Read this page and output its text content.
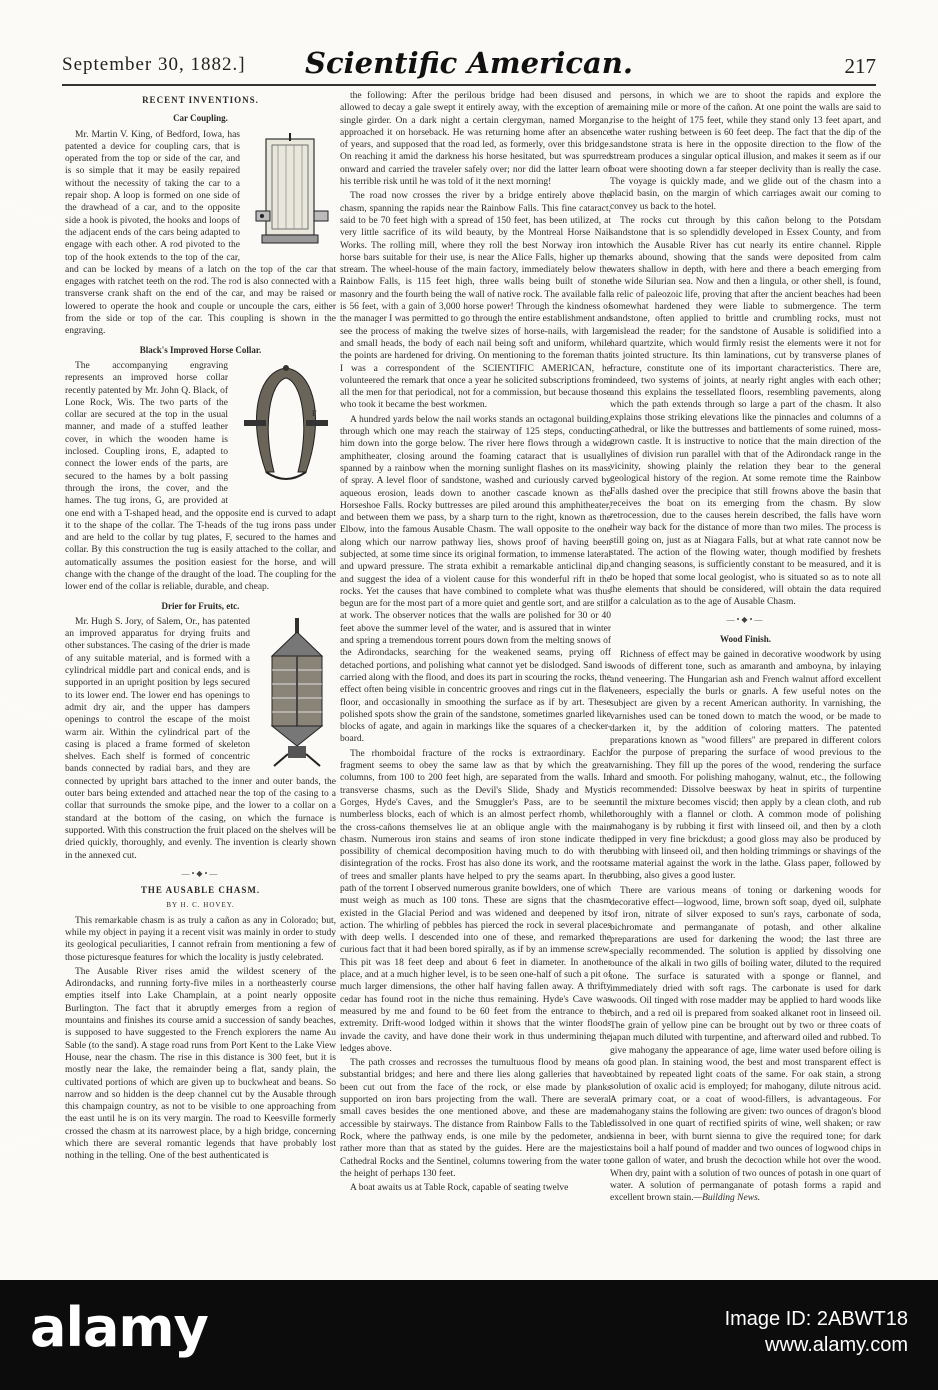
September 30, 1882.]	Scientific American.	217
RECENT INVENTIONS.
Car Coupling.

Mr. Martin V. King, of Bedford, Iowa, has patented a device for coupling cars, that is operated from the top or side of the car, and is so simple that it may be easily repaired without the necessity of taking the car to a repair shop. A loop is formed on one side of the drawhead of a car, and to the opposite side a hook is pivoted, the hooks and loops of the adjacent ends of the cars being adapted to engage with each other. A rod pivoted to the top of the hook extends to the top of the car, and can be locked by means of a latch on the top of the car that engages with ratchet teeth on the rod. The rod is also connected with a transverse crank shaft on the end of the car, and may be raised or lowered to operate the hook and couple or uncouple the cars, either from the side or top of the car. This coupling is shown in the engraving.

Black's Improved Horse Collar.
F

The accompanying engraving represents an improved horse collar recently patented by Mr. John Q. Black, of Lone Rock, Wis. The two parts of the collar are secured at the top in the usual manner, and made of a stuffed leather cover, in which the wooden hame is inclosed. Coupling irons, E, adapted to connect the lower ends of the parts, are secured to the hames by a bolt passing through the irons, the cover, and the hames. The tug irons, G, are provided at one end with a T-shaped head, and the opposite end is curved to adapt it to the shape of the collar. The T-heads of the tug irons pass under and are held to the collar by tug plates, F, secured to the hames and collar. By this construction the tug is easily attached to the collar, and automatically assumes the position easiest for the horse, and will change with the change of the draught of the load. The coupling for the lower end of the collar is reliable, durable, and cheap.

Drier for Fruits, etc.

Mr. Hugh S. Jory, of Salem, Or., has patented an improved apparatus for drying fruits and other substances. The casing of the drier is made of any suitable material, and is formed with a cylindrical middle part and conical ends, and is supported in an upright position by legs secured to its lower end. The lower end has openings to admit dry air, and the upper has dampers openings to control the escape of the moist warm air. Within the cylindrical part of the casing is placed a frame formed of skeleton shelves. Each shelf is formed of concentric bands connected by radial bars, and they are connected by upright bars attached to the inner and outer bands, the outer bars being extended and attached near the top of the casing to a collar that surrounds the smoke pipe, and the lower to a collar on a standard at the bottom of the casing, on which the furnace is supported. With this construction the fruit placed on the shelves will be dried quickly, thoroughly, and evenly. The invention is clearly shown in the annexed cut.

—•◆•—
THE AUSABLE CHASM.
BY H. C. HOVEY.

This remarkable chasm is as truly a cañon as any in Colorado; but, while my object in paying it a recent visit was mainly in order to study its geological peculiarities, I cannot refrain from mentioning a few of those picturesque features for which the locality is justly celebrated.

The Ausable River rises amid the wildest scenery of the Adirondacks, and running forty-five miles in a northeasterly course empties itself into Lake Champlain, at a point nearly opposite Burlington. The fact that it abruptly emerges from a region of mountains and finishes its course amid a succession of sandy beaches, is supposed to have suggested to the French explorers the name Au Sable (to the sand). A stage road runs from Port Kent to the Lake View House, near the chasm. The rise in this distance is 300 feet, but it is mostly near the lake, the remainder being a flat, sandy plain, the cultivated portions of which are given up to buckwheat and beans. So narrow and so hidden is the deep channel cut by the Ausable through this champaign country, as not to be visible to one approaching from the east until he is on its very margin. The road to Keesville formerly crossed the chasm at its narrowest place, by a high bridge, concerning which there are several romantic legends that have probably lost nothing in the telling. One of the best authenticated is

the following: After the perilous bridge had been disused and allowed to decay a gale swept it entirely away, with the exception of a single girder. On a dark night a certain clergyman, named Morgan, approached it on horseback. He was returning home after an absence of years, and supposed that the road led, as formerly, over this bridge. On reaching it amid the darkness his horse hesitated, but was spurred onward and carried the traveler safely over; nor did the latter learn of his terrible risk until he was told of it the next morning!

The road now crosses the river by a bridge entirely above the chasm, spanning the rapids near the Rainbow Falls. This fine cataract, said to be 70 feet high with a spread of 150 feet, has been utilized, at very little sacrifice of its wild beauty, by the Montreal Horse Nail Works. The rolling mill, where they roll the best Norway iron into horse bars suitable for their use, is near the Alice Falls, higher up the stream. The wheel-house of the main factory, immediately below the Rainbow Falls, is 115 feet high, three walls being built of stone masonry and the fourth being the wall of native rock. The available fall is 56 feet, with a gain of 3,000 horse power! Through the kindness of the manager I was permitted to go through the entire establishment and see the process of making the twelve sizes of horse-nails, with large and small heads, the body of each nail being soft and uniform, while the points are hardened for driving. On mentioning to the foreman that I was a correspondent of the SCIENTIFIC AMERICAN, he volunteered the remark that once a year he solicited subscriptions from all the men for that periodical, not for a commission, but because those who took it became the best workmen.

A hundred yards below the nail works stands an octagonal building, through which one may reach the stairway of 125 steps, conducting him down into the gorge below. The river here flows through a wide amphitheater, closing around the foaming cataract that is usually spanned by a rainbow when the morning sunlight flashes on its mass of spray. A level floor of sandstone, washed and curiously carved by aqueous erosion, leads down to another cascade known as the Horseshoe Falls. Rocky buttresses are piled around this amphitheater, and between them we pass, by a sharp turn to the right, known as the Elbow, into the famous Ausable Chasm. The wall opposite to the one along which our narrow pathway lies, shows proof of having been subjected, at some time since its original formation, to immense lateral and upward pressure. The strata exhibit a remarkable anticlinal dip, and suggest the idea of a violent cause for this wonderful rift in the rocks. Yet the causes that have combined to complete what was thus begun are for the most part of a more quiet and gentle sort, and are still at work. The observer notices that the walls are polished for 30 or 40 feet above the summer level of the water, and is assured that in winter and spring a tremendous torrent pours down from the melting snows of the Adirondacks, searching for the weakened seams, prying off detached portions, and polishing what cannot yet be dislodged. Sand is carried along with the flood, and does its part in scouring the rocks, the effect often being visible in concentric grooves and rings cut in the flat floor, and occasionally in smoothing the surface as if by art. These polished spots show the grain of the sandstone, sometimes gnarled like blocks of agate, and again in markings like the squares of a checker-board.

The rhomboidal fracture of the rocks is extraordinary. Each fragment seems to obey the same law as that by which the great columns, from 100 to 200 feet high, are separated from the walls. In transverse chasms, such as the Devil's Slide, Shady and Mystic Gorges, Hyde's Caves, and the Smuggler's Pass, are to be seen numberless blocks, each of which is an almost perfect rhomb, while the cross-cañons themselves lie at an oblique angle with the main chasm. Numerous iron stains and seams of iron stone indicate the possibility of chemical decomposition having much to do with the disintegration of the rocks. Frost has also done its work, and the roots of trees and smaller plants have helped to pry the seams apart. In the path of the torrent I observed numerous granite bowlders, one of which must weigh as much as 100 tons. These are signs that the chasm existed in the Glacial Period and was widened and deepened by its action. The whirling of pebbles has pierced the rock in several places with deep wells. I descended into one of these, and remarked the curious fact that it had been bored spirally, as if by an immense screw. This pit was 18 feet deep and about 6 feet in diameter. In another place, and at a much higher level, is to be seen one-half of such a pit of much larger dimensions, the other half having fallen away. A thrifty cedar has found root in the niche thus remaining. Hyde's Cave was measured by me and found to be 60 feet from the entrance to the extremity. Drift-wood lodged within it shows that the winter floods invade the cavity, and have done their work in thus undermining the ledges above.

The path crosses and recrosses the tumultuous flood by means of substantial bridges; and here and there lies along galleries that have been cut out from the face of the rock, or else made by planks supported on iron bars projecting from the wall. There are several small caves besides the one mentioned above, and these are made accessible by stairways. The distance from Rainbow Falls to the Table Rock, where the pathway ends, is one mile by the pedometer, and rather more than that as stated by the guides. Here are the majestic Cathedral Rocks and the Sentinel, columns towering from the water to the height of perhaps 130 feet.

A boat awaits us at Table Rock, capable of seating twelve

persons, in which we are to shoot the rapids and explore the remaining mile or more of the cañon. At one point the walls are said to rise to the height of 175 feet, while they stand only 13 feet apart, and the water rushing between is 60 feet deep. The fact that the dip of the sandstone strata is here in the opposite direction to the flow of the stream produces a singular optical illusion, and makes it seem as if our boat were shooting down a far steeper declivity than is really the case. The voyage is quickly made, and we glide out of the chasm into a placid basin, on the margin of which carriages await our coming to convey us back to the hotel.

The rocks cut through by this cañon belong to the Potsdam sandstone that is so splendidly developed in Essex County, and from which the Ausable River has cut nearly its entire channel. Ripple marks abound, showing that the sands were deposited from calm waters shallow in depth, with here and there a beach emerging from the wide Silurian sea. Now and then a lingula, or other shell, is found, a relic of paleozoic life, proving that after the ancient beaches had been somewhat hardened they were liable to submergence. The term sandstone, often applied to brittle and crumbling rocks, must not mislead the reader; for the sandstone of Ausable is solidified into a hard quartzite, which would firmly resist the elements were it not for its jointed structure. Its thin laminations, cut by transverse planes of fracture, constitute one of its important characteristics. There are, indeed, two systems of joints, at nearly right angles with each other; and this explains the tessellated floors, resembling pavements, along which the path extends through so large a part of the chasm. It also explains those striking elevations like the pinnacles and columns of a cathedral, or like the buttresses and battlements of some ruined, moss-grown castle. It is instructive to notice that the main direction of the lines of division run parallel with that of the Adirondack range in the vicinity, showing plainly the relation they bear to the general geological history of the region. At some remote time the Rainbow Falls dashed over the precipice that still frowns above the basin that receives the boat on its emerging from the chasm. By slow retrocession, due to the causes herein described, the falls have worn their way back for the distance of more than two miles. The process is still going on, just as at Niagara Falls, but at what rate cannot now be stated. The action of the flowing water, though modified by freshets and changing seasons, is sufficiently constant to be measured, and it is to be hoped that some local geologist, who is situated so as to note all the elements that should be considered, will obtain the data required for a calculation as to the age of Ausable Chasm.

—•◆•—
Wood Finish.

Richness of effect may be gained in decorative woodwork by using woods of different tone, such as amaranth and amboyna, by inlaying and veneering. The Hungarian ash and French walnut afford excellent veneers, especially the burls or gnarls. A few useful notes on the subject are given by a recent American authority. In varnishing, the varnishes used can be toned down to match the wood, or be made to darken it, by the addition of coloring matters. The patented preparations known as "wood fillers" are prepared in different colors for the purpose of preparing the surface of wood previous to the varnishing. They fill up the pores of the wood, rendering the surface hard and smooth. For polishing mahogany, walnut, etc., the following is recommended: Dissolve beeswax by heat in spirits of turpentine until the mixture becomes viscid; then apply by a clean cloth, and rub thoroughly with a flannel or cloth. A common mode of polishing mahogany is by rubbing it first with linseed oil, and then by a cloth dipped in very fine brickdust; a good gloss may also be produced by rubbing with linseed oil, and then holding trimmings or shavings of the same material against the work in the lathe. Glass paper, followed by rubbing, also gives a good luster.

There are various means of toning or darkening woods for decorative effect—logwood, lime, brown soft soap, dyed oil, sulphate of iron, nitrate of silver exposed to sun's rays, carbonate of soda, bichromate and permanganate of potash, and other alkaline preparations are used for darkening the wood; the last three are specially recommended. The solution is applied by dissolving one ounce of the alkali in two gills of boiling water, diluted to the required tone. The surface is saturated with a sponge or flannel, and immediately dried with soft rags. The carbonate is used for dark woods. Oil tinged with rose madder may be applied to hard woods like birch, and a red oil is prepared from soaked alkanet root in linseed oil. The grain of yellow pine can be brought out by two or three coats of japan much diluted with turpentine, and afterward oiled and rubbed. To give mahogany the appearance of age, lime water used before oiling is a good plan. In staining wood, the best and most transparent effect is obtained by repeated light coats of the same. For oak stain, a strong solution of oxalic acid is employed; for mahogany, dilute nitrous acid. A primary coat, or a coat of wood-fillers, is advantageous. For mahogany stains the following are given: two ounces of dragon's blood dissolved in one quart of rectified spirits of wine, well shaken; or raw sienna in beer, with burnt sienna to give the required tone; for dark stains boil a half pound of madder and two ounces of logwood chips in one gallon of water, and brush the decoction while hot over the wood. When dry, paint with a solution of two ounces of potash in one quart of water. A solution of permanganate of potash forms a rapid and excellent brown stain.—Building News.

alamy	Image ID: 2ABWT18
www.alamy.com
